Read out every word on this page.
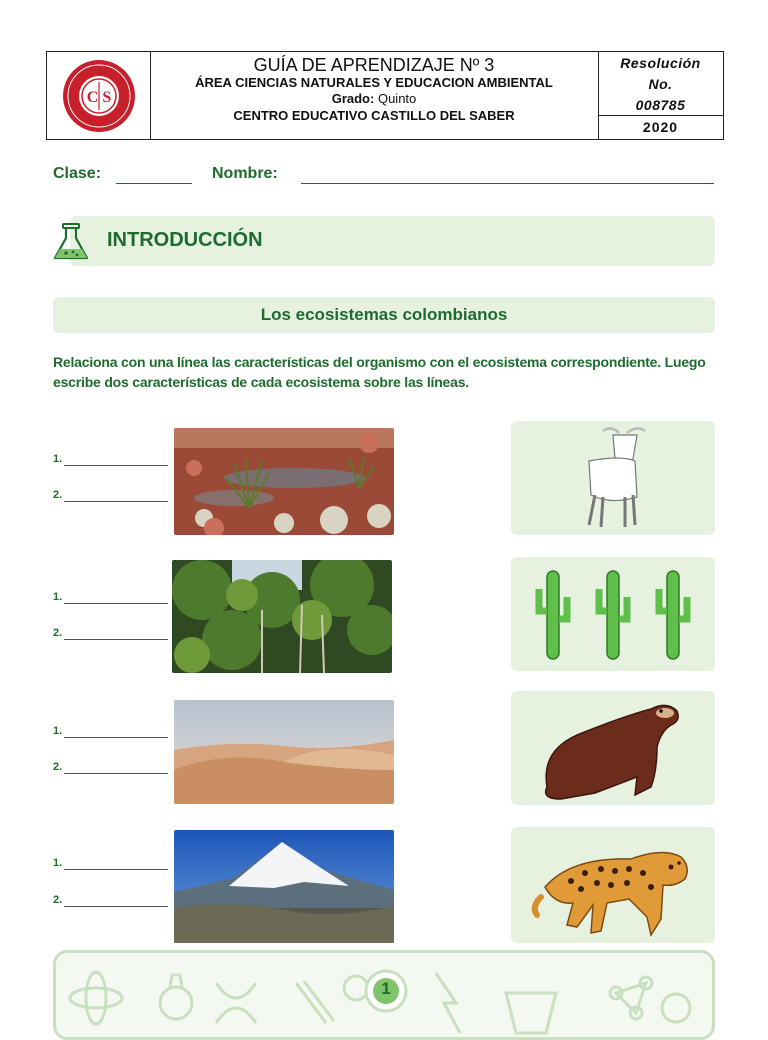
C S
GUÍA DE APRENDIZAJE Nº 3
ÁREA CIENCIAS NATURALES Y EDUCACION AMBIENTAL
Grado: Quinto
CENTRO EDUCATIVO CASTILLO DEL SABER
Resolución
No.
008785
2020
Clase:	Nombre:
INTRODUCCIÓN
Los ecosistemas colombianos
Relaciona con una línea las características del organismo con el ecosistema correspondiente. Luego escribe dos características de cada ecosistema sobre las líneas.
1.
2.
1.
2.
1.
2.
1.
2.
1
